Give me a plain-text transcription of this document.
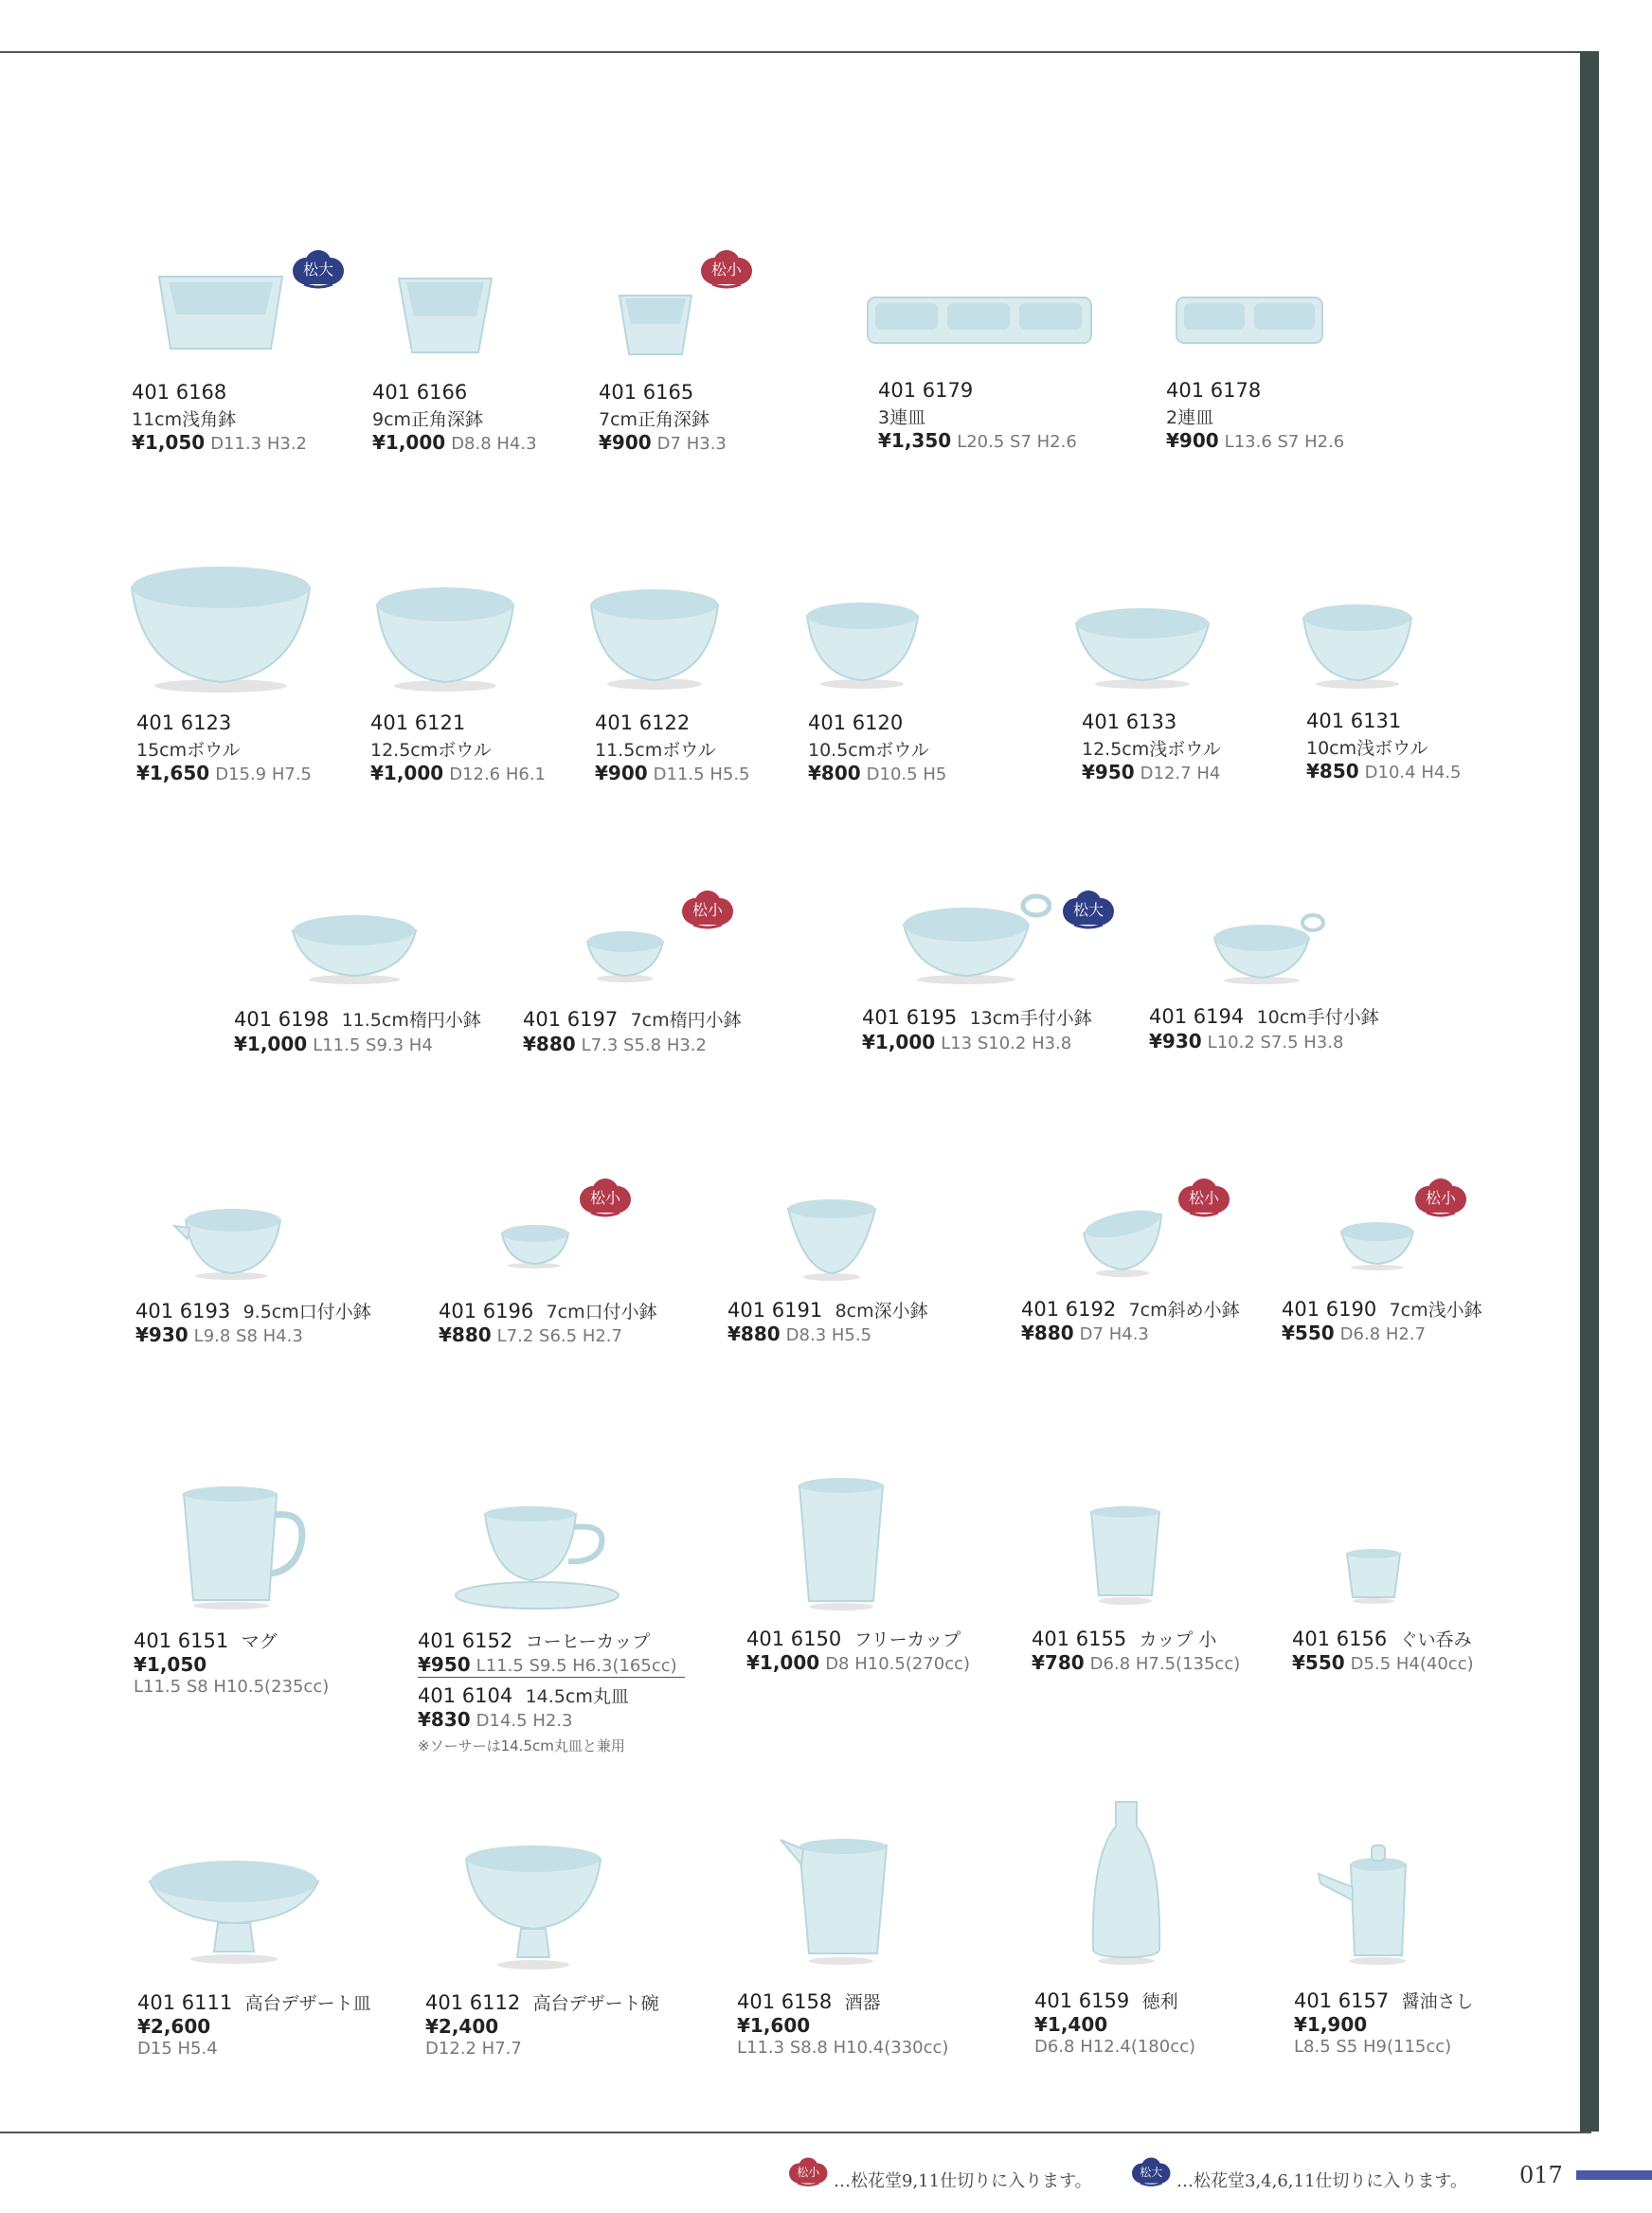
松大	松小
松小	松大
松小	松小	松小
401 6168
11cm浅角鉢
¥1,050 D11.3 H3.2
401 6166
9cm正角深鉢
¥1,000 D8.8 H4.3
401 6165
7cm正角深鉢
¥900 D7 H3.3
401 6179
3連皿
¥1,350 L20.5 S7 H2.6
401 6178
2連皿
¥900 L13.6 S7 H2.6
401 6123
15cmボウル
¥1,650 D15.9 H7.5
401 6121
12.5cmボウル
¥1,000 D12.6 H6.1
401 6122
11.5cmボウル
¥900 D11.5 H5.5
401 6120
10.5cmボウル
¥800 D10.5 H5
401 6133
12.5cm浅ボウル
¥950 D12.7 H4
401 6131
10cm浅ボウル
¥850 D10.4 H4.5
401 6198 11.5cm楕円小鉢
¥1,000 L11.5 S9.3 H4
401 6197 7cm楕円小鉢
¥880 L7.3 S5.8 H3.2
401 6195 13cm手付小鉢
¥1,000 L13 S10.2 H3.8
401 6194 10cm手付小鉢
¥930 L10.2 S7.5 H3.8
401 6193 9.5cm口付小鉢
¥930 L9.8 S8 H4.3
401 6196 7cm口付小鉢
¥880 L7.2 S6.5 H2.7
401 6191 8cm深小鉢
¥880 D8.3 H5.5
401 6192 7cm斜め小鉢
¥880 D7 H4.3
401 6190 7cm浅小鉢
¥550 D6.8 H2.7
401 6151 マグ
¥1,050
L11.5 S8 H10.5(235cc)
401 6152 コーヒーカップ
¥950 L11.5 S9.5 H6.3(165cc)
401 6104 14.5cm丸皿
¥830 D14.5 H2.3
※ソーサーは14.5cm丸皿と兼用
401 6150 フリーカップ
¥1,000 D8 H10.5(270cc)
401 6155 カップ 小
¥780 D6.8 H7.5(135cc)
401 6156 ぐい呑み
¥550 D5.5 H4(40cc)
401 6111 高台デザート皿
¥2,600
D15 H5.4
401 6112 高台デザート碗
¥2,400
D12.2 H7.7
401 6158 酒器
¥1,600
L11.3 S8.8 H10.4(330cc)
401 6159 徳利
¥1,400
D6.8 H12.4(180cc)
401 6157 醤油さし
¥1,900
L8.5 S5 H9(115cc)
松小 …松花堂9,11仕切りに入ります。	松大 …松花堂3,4,6,11仕切りに入ります。 017
